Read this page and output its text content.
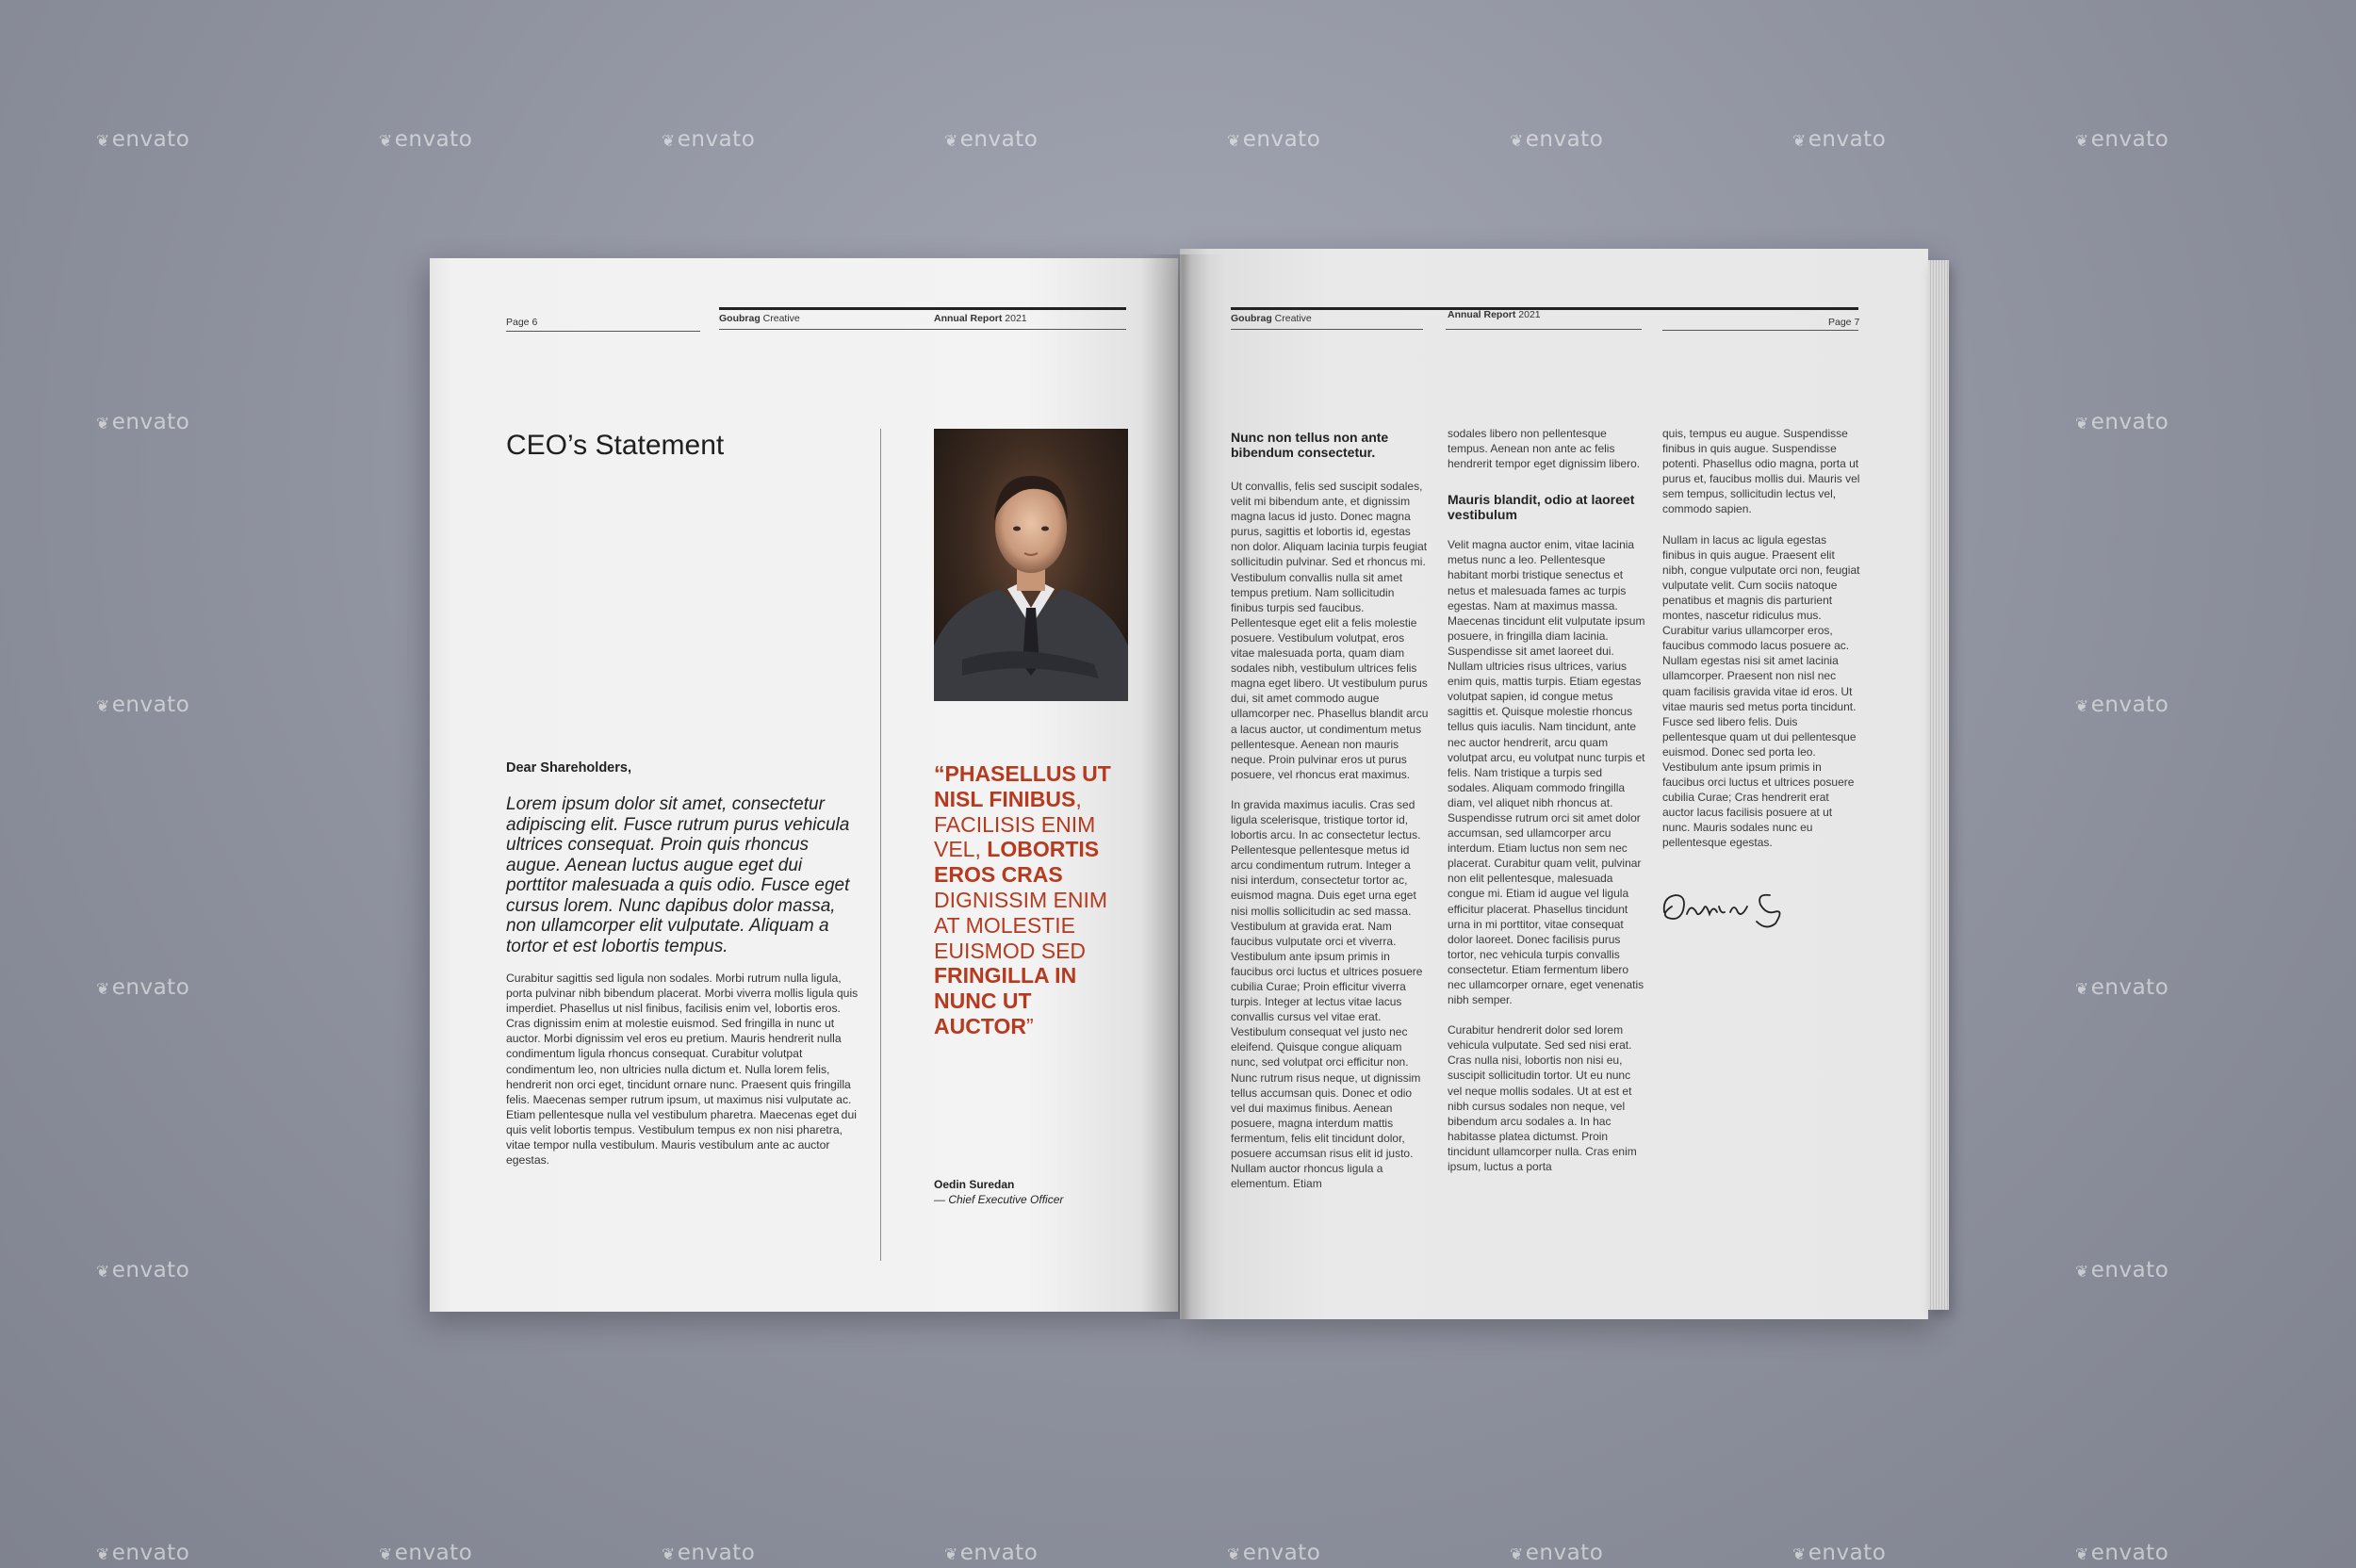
❦envato	❦envato	❦envato	❦envato	❦envato	❦envato	❦envato	❦envato
❦envato	❦envato
❦envato	❦envato
❦envato	❦envato
❦envato	❦envato
❦envato	❦envato	❦envato	❦envato	❦envato	❦envato	❦envato	❦envato
Page 6	Goubrag Creative	Annual Report 2021
CEO’s Statement
Dear Shareholders,
Lorem ipsum dolor sit amet, consectetur adipiscing elit. Fusce rutrum purus vehicula ultrices consequat. Proin quis rhoncus augue. Aenean luctus augue eget dui porttitor malesuada a quis odio. Fusce eget cursus lorem. Nunc dapibus dolor massa, non ullamcorper elit vulputate. Aliquam a tortor et est lobortis tempus.
Curabitur sagittis sed ligula non sodales. Morbi rutrum nulla ligula, porta pulvinar nibh bibendum placerat. Morbi viverra mollis ligula quis imperdiet. Phasellus ut nisl finibus, facilisis enim vel, lobortis eros. Cras dignissim enim at molestie euismod. Sed fringilla in nunc ut auctor. Morbi dignissim vel eros eu pretium. Mauris hendrerit nulla condimentum ligula rhoncus consequat. Curabitur volutpat condimentum leo, non ultricies nulla dictum et. Nulla lorem felis, hendrerit non orci eget, tincidunt ornare nunc. Praesent quis fringilla felis. Maecenas semper rutrum ipsum, ut maximus nisi vulputate ac. Etiam pellentesque nulla vel vestibulum pharetra. Maecenas eget dui quis velit lobortis tempus. Vestibulum tempus ex non nisi pharetra, vitae tempor nulla vestibulum. Mauris vestibulum ante ac auctor egestas.
“PHASELLUS UT NISL FINIBUS, FACILISIS ENIM VEL, LOBORTIS EROS CRAS DIGNISSIM ENIM AT MOLESTIE EUISMOD SED FRINGILLA IN NUNC UT AUCTOR”
Oedin Suredan
— Chief Executive Officer
Goubrag Creative	Annual Report 2021
Page 7
Nunc non tellus non ante bibendum consectetur.

Ut convallis, felis sed suscipit sodales, velit mi bibendum ante, et dignissim magna lacus id justo. Donec magna purus, sagittis et lobortis id, egestas non dolor. Aliquam lacinia turpis feugiat sollicitudin pulvinar. Sed et rhoncus mi. Vestibulum convallis nulla sit amet tempus pretium. Nam sollicitudin finibus turpis sed faucibus. Pellentesque eget elit a felis molestie posuere. Vestibulum volutpat, eros vitae malesuada porta, quam diam sodales nibh, vestibulum ultrices felis magna eget libero. Ut vestibulum purus dui, sit amet commodo augue ullamcorper nec. Phasellus blandit arcu a lacus auctor, ut condimentum metus pellentesque. Aenean non mauris neque. Proin pulvinar eros ut purus posuere, vel rhoncus erat maximus.

In gravida maximus iaculis. Cras sed ligula scelerisque, tristique tortor id, lobortis arcu. In ac consectetur lectus. Pellentesque pellentesque metus id arcu condimentum rutrum. Integer a nisi interdum, consectetur tortor ac, euismod magna. Duis eget urna eget nisi mollis sollicitudin ac sed massa. Vestibulum at gravida erat. Nam faucibus vulputate orci et viverra. Vestibulum ante ipsum primis in faucibus orci luctus et ultrices posuere cubilia Curae; Proin efficitur viverra turpis. Integer at lectus vitae lacus convallis cursus vel vitae erat. Vestibulum consequat vel justo nec eleifend. Quisque congue aliquam nunc, sed volutpat orci efficitur non. Nunc rutrum risus neque, ut dignissim tellus accumsan quis. Donec et odio vel dui maximus finibus. Aenean posuere, magna interdum mattis fermentum, felis elit tincidunt dolor, posuere accumsan risus elit id justo. Nullam auctor rhoncus ligula a elementum. Etiam

sodales libero non pellentesque tempus. Aenean non ante ac felis hendrerit tempor eget dignissim libero.

Mauris blandit, odio at laoreet vestibulum

Velit magna auctor enim, vitae lacinia metus nunc a leo. Pellentesque habitant morbi tristique senectus et netus et malesuada fames ac turpis egestas. Nam at maximus massa. Maecenas tincidunt elit vulputate ipsum posuere, in fringilla diam lacinia. Suspendisse sit amet laoreet dui. Nullam ultricies risus ultrices, varius enim quis, mattis turpis. Etiam egestas volutpat sapien, id congue metus sagittis et. Quisque molestie rhoncus tellus quis iaculis. Nam tincidunt, ante nec auctor hendrerit, arcu quam volutpat arcu, eu volutpat nunc turpis et felis. Nam tristique a turpis sed sodales. Aliquam commodo fringilla diam, vel aliquet nibh rhoncus at. Suspendisse rutrum orci sit amet dolor accumsan, sed ullamcorper arcu interdum. Etiam luctus non sem nec placerat. Curabitur quam velit, pulvinar non elit pellentesque, malesuada congue mi. Etiam id augue vel ligula efficitur placerat. Phasellus tincidunt urna in mi porttitor, vitae consequat dolor laoreet. Donec facilisis purus tortor, nec vehicula turpis convallis consectetur. Etiam fermentum libero nec ullamcorper ornare, eget venenatis nibh semper.

Curabitur hendrerit dolor sed lorem vehicula vulputate. Sed sed nisi erat. Cras nulla nisi, lobortis non nisi eu, suscipit sollicitudin tortor. Ut eu nunc vel neque mollis sodales. Ut at est et nibh cursus sodales non neque, vel bibendum arcu sodales a. In hac habitasse platea dictumst. Proin tincidunt ullamcorper nulla. Cras enim ipsum, luctus a porta

quis, tempus eu augue. Suspendisse finibus in quis augue. Suspendisse potenti. Phasellus odio magna, porta ut purus et, faucibus mollis dui. Mauris vel sem tempus, sollicitudin lectus vel, commodo sapien.

Nullam in lacus ac ligula egestas finibus in quis augue. Praesent elit nibh, congue vulputate orci non, feugiat vulputate velit. Cum sociis natoque penatibus et magnis dis parturient montes, nascetur ridiculus mus. Curabitur varius ullamcorper eros, faucibus commodo lacus posuere ac. Nullam egestas nisi sit amet lacinia ullamcorper. Praesent non nisl nec quam facilisis gravida vitae id eros. Ut vitae mauris sed metus porta tincidunt. Fusce sed libero felis. Duis pellentesque quam ut dui pellentesque euismod. Donec sed porta leo. Vestibulum ante ipsum primis in faucibus orci luctus et ultrices posuere cubilia Curae; Cras hendrerit erat auctor lacus facilisis posuere at ut nunc. Mauris sodales nunc eu pellentesque egestas.
